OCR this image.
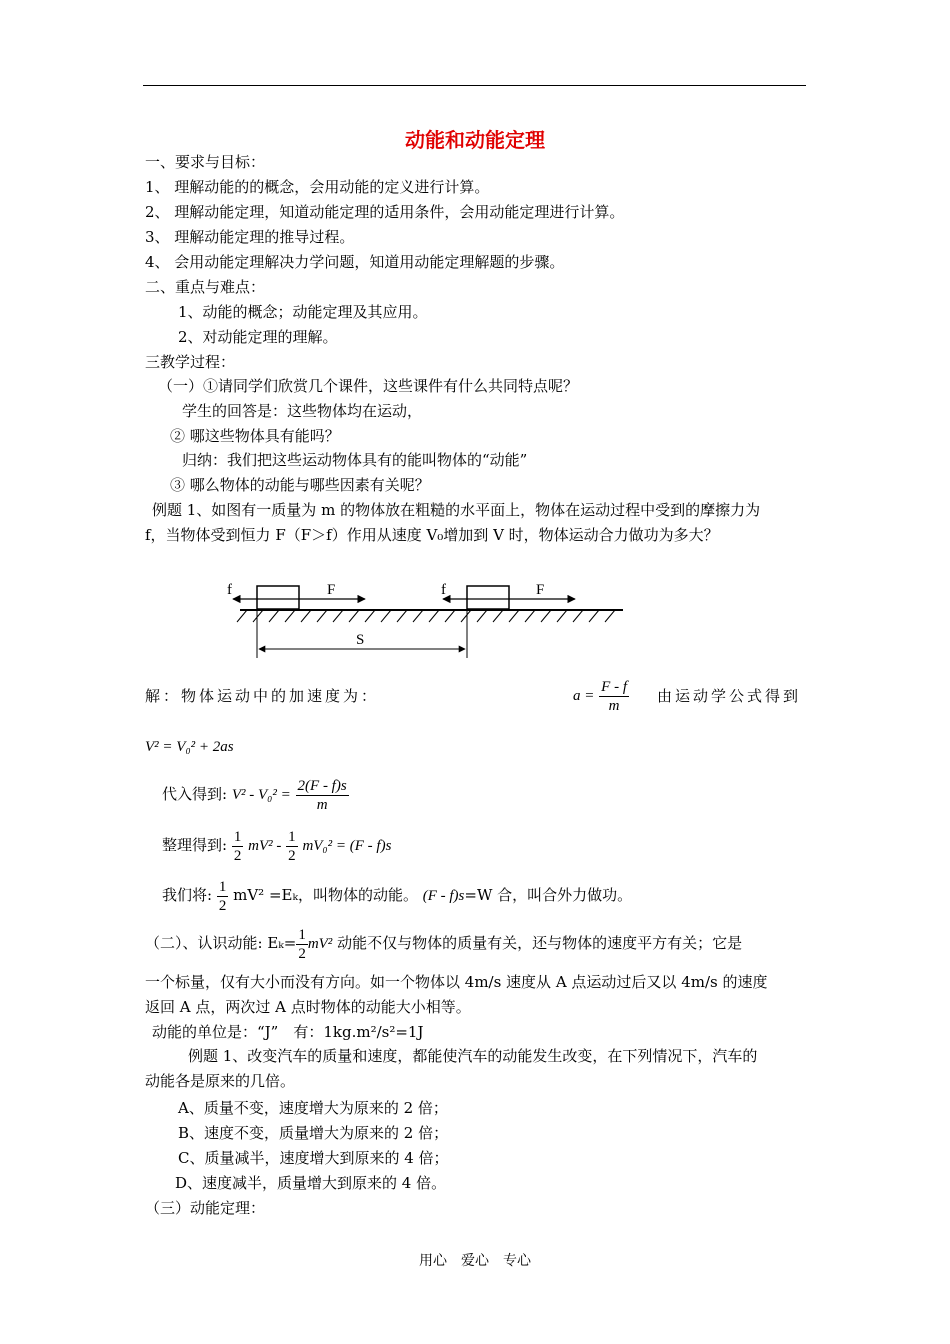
动能和动能定理
一、要求与目标：
1、 理解动能的的概念，会用动能的定义进行计算。
2、 理解动能定理，知道动能定理的适用条件，会用动能定理进行计算。
3、 理解动能定理的推导过程。
4、 会用动能定理解决力学问题，知道用动能定理解题的步骤。
二、重点与难点：
1、动能的概念；动能定理及其应用。
2、对动能定理的理解。
三教学过程：
（一）①请同学们欣赏几个课件，这些课件有什么共同特点呢？
学生的回答是：这些物体均在运动，
② 哪这些物体具有能吗？
归纳：我们把这些运动物体具有的能叫物体的“动能”
③ 哪么物体的动能与哪些因素有关呢？
例题 1、如图有一质量为 m 的物体放在粗糙的水平面上，物体在运动过程中受到的摩擦力为
f，当物体受到恒力 F（F＞f）作用从速度 V₀增加到 V 时，物体运动合力做功为多大？
f	F	f	F
S
解：物体运动中的加速度为：	$a = \frac{F - f}{m}$ 由运动学公式得到
V² = V₀² + 2as
代入得到: $V^2 - V_0^2 = \frac{2(F - f)s}{m}$
整理得到: $\frac{1}{2} mV^2 - \frac{1}{2} mV_0^2 = (F - f)s$
我们将: $\frac{1}{2} mV^2 =E_k$，叫物体的动能。 (F - f)s=W 合，叫合外力做功。
（二）、认识动能: $E_k= \frac{1}{2} mV^2$ 动能不仅与物体的质量有关，还与物体的速度平方有关；它是
一个标量，仅有大小而没有方向。如一个物体以 4m/s 速度从 A 点运动过后又以 4m/s 的速度
返回 A 点，两次过 A 点时物体的动能大小相等。
动能的单位是：“J”　有：1kg.m²/s²=1J
例题 1、改变汽车的质量和速度，都能使汽车的动能发生改变，在下列情况下，汽车的
动能各是原来的几倍。
A、质量不变，速度增大为原来的 2 倍；
B、速度不变，质量增大为原来的 2 倍；
C、质量减半，速度增大到原来的 4 倍；
D、速度减半，质量增大到原来的 4 倍。
（三）动能定理：
用心　爱心　专心
